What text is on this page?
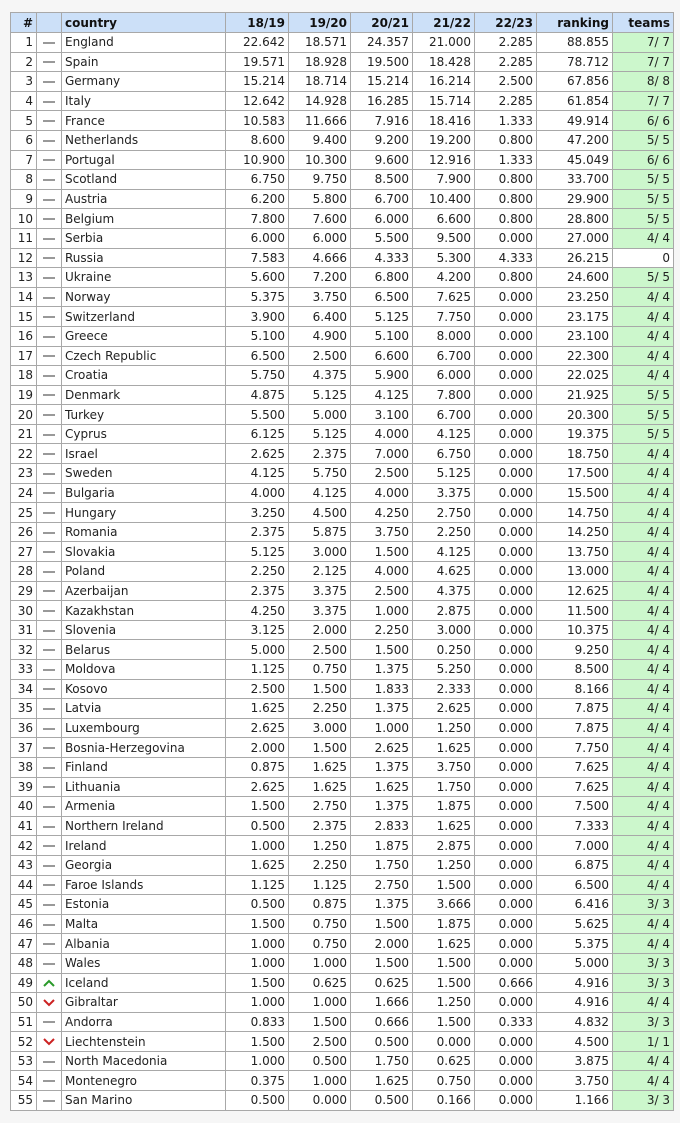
#		country	18/19	19/20	20/21	21/22	22/23	ranking	teams
1		England	22.642	18.571	24.357	21.000	2.285	88.855	7/ 7
2		Spain	19.571	18.928	19.500	18.428	2.285	78.712	7/ 7
3		Germany	15.214	18.714	15.214	16.214	2.500	67.856	8/ 8
4		Italy	12.642	14.928	16.285	15.714	2.285	61.854	7/ 7
5		France	10.583	11.666	7.916	18.416	1.333	49.914	6/ 6
6		Netherlands	8.600	9.400	9.200	19.200	0.800	47.200	5/ 5
7		Portugal	10.900	10.300	9.600	12.916	1.333	45.049	6/ 6
8		Scotland	6.750	9.750	8.500	7.900	0.800	33.700	5/ 5
9		Austria	6.200	5.800	6.700	10.400	0.800	29.900	5/ 5
10		Belgium	7.800	7.600	6.000	6.600	0.800	28.800	5/ 5
11		Serbia	6.000	6.000	5.500	9.500	0.000	27.000	4/ 4
12		Russia	7.583	4.666	4.333	5.300	4.333	26.215	0
13		Ukraine	5.600	7.200	6.800	4.200	0.800	24.600	5/ 5
14		Norway	5.375	3.750	6.500	7.625	0.000	23.250	4/ 4
15		Switzerland	3.900	6.400	5.125	7.750	0.000	23.175	4/ 4
16		Greece	5.100	4.900	5.100	8.000	0.000	23.100	4/ 4
17		Czech Republic	6.500	2.500	6.600	6.700	0.000	22.300	4/ 4
18		Croatia	5.750	4.375	5.900	6.000	0.000	22.025	4/ 4
19		Denmark	4.875	5.125	4.125	7.800	0.000	21.925	5/ 5
20		Turkey	5.500	5.000	3.100	6.700	0.000	20.300	5/ 5
21		Cyprus	6.125	5.125	4.000	4.125	0.000	19.375	5/ 5
22		Israel	2.625	2.375	7.000	6.750	0.000	18.750	4/ 4
23		Sweden	4.125	5.750	2.500	5.125	0.000	17.500	4/ 4
24		Bulgaria	4.000	4.125	4.000	3.375	0.000	15.500	4/ 4
25		Hungary	3.250	4.500	4.250	2.750	0.000	14.750	4/ 4
26		Romania	2.375	5.875	3.750	2.250	0.000	14.250	4/ 4
27		Slovakia	5.125	3.000	1.500	4.125	0.000	13.750	4/ 4
28		Poland	2.250	2.125	4.000	4.625	0.000	13.000	4/ 4
29		Azerbaijan	2.375	3.375	2.500	4.375	0.000	12.625	4/ 4
30		Kazakhstan	4.250	3.375	1.000	2.875	0.000	11.500	4/ 4
31		Slovenia	3.125	2.000	2.250	3.000	0.000	10.375	4/ 4
32		Belarus	5.000	2.500	1.500	0.250	0.000	9.250	4/ 4
33		Moldova	1.125	0.750	1.375	5.250	0.000	8.500	4/ 4
34		Kosovo	2.500	1.500	1.833	2.333	0.000	8.166	4/ 4
35		Latvia	1.625	2.250	1.375	2.625	0.000	7.875	4/ 4
36		Luxembourg	2.625	3.000	1.000	1.250	0.000	7.875	4/ 4
37		Bosnia-Herzegovina	2.000	1.500	2.625	1.625	0.000	7.750	4/ 4
38		Finland	0.875	1.625	1.375	3.750	0.000	7.625	4/ 4
39		Lithuania	2.625	1.625	1.625	1.750	0.000	7.625	4/ 4
40		Armenia	1.500	2.750	1.375	1.875	0.000	7.500	4/ 4
41		Northern Ireland	0.500	2.375	2.833	1.625	0.000	7.333	4/ 4
42		Ireland	1.000	1.250	1.875	2.875	0.000	7.000	4/ 4
43		Georgia	1.625	2.250	1.750	1.250	0.000	6.875	4/ 4
44		Faroe Islands	1.125	1.125	2.750	1.500	0.000	6.500	4/ 4
45		Estonia	0.500	0.875	1.375	3.666	0.000	6.416	3/ 3
46		Malta	1.500	0.750	1.500	1.875	0.000	5.625	4/ 4
47		Albania	1.000	0.750	2.000	1.625	0.000	5.375	4/ 4
48		Wales	1.000	1.000	1.500	1.500	0.000	5.000	3/ 3
49		Iceland	1.500	0.625	0.625	1.500	0.666	4.916	3/ 3
50		Gibraltar	1.000	1.000	1.666	1.250	0.000	4.916	4/ 4
51		Andorra	0.833	1.500	0.666	1.500	0.333	4.832	3/ 3
52		Liechtenstein	1.500	2.500	0.500	0.000	0.000	4.500	1/ 1
53		North Macedonia	1.000	0.500	1.750	0.625	0.000	3.875	4/ 4
54		Montenegro	0.375	1.000	1.625	0.750	0.000	3.750	4/ 4
55		San Marino	0.500	0.000	0.500	0.166	0.000	1.166	3/ 3
